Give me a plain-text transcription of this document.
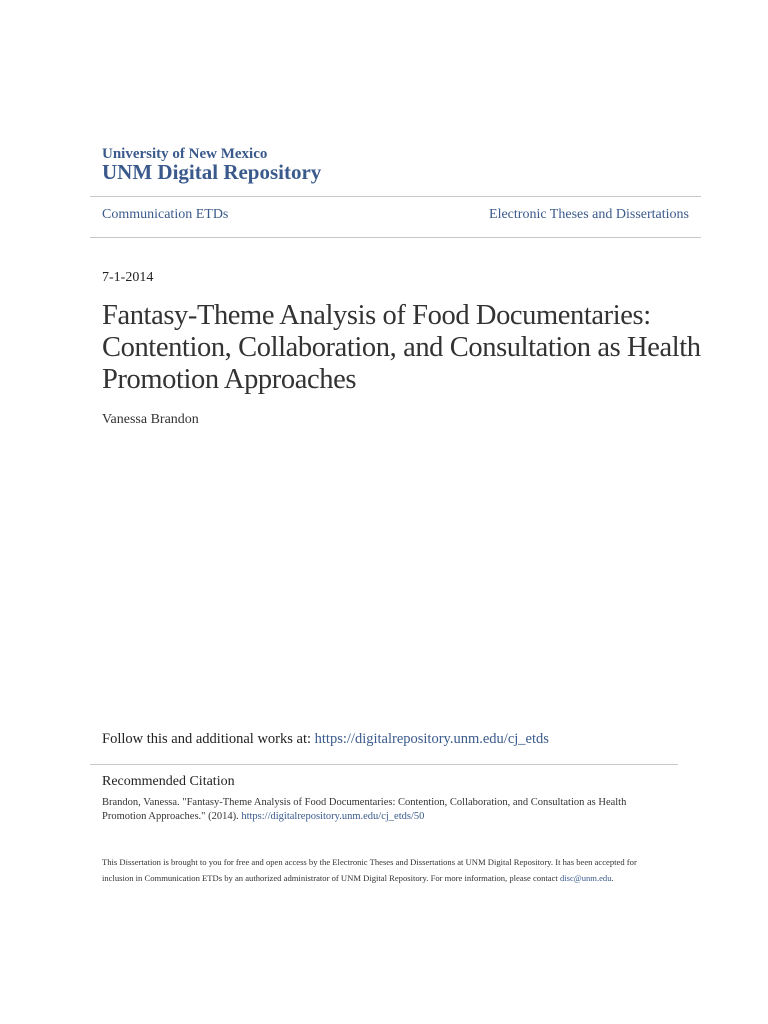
University of New Mexico
UNM Digital Repository
Communication ETDs	Electronic Theses and Dissertations
7-1-2014
Fantasy-Theme Analysis of Food Documentaries: Contention, Collaboration, and Consultation as Health Promotion Approaches
Vanessa Brandon
Follow this and additional works at: https://digitalrepository.unm.edu/cj_etds
Recommended Citation
Brandon, Vanessa. "Fantasy-Theme Analysis of Food Documentaries: Contention, Collaboration, and Consultation as Health Promotion Approaches." (2014). https://digitalrepository.unm.edu/cj_etds/50
This Dissertation is brought to you for free and open access by the Electronic Theses and Dissertations at UNM Digital Repository. It has been accepted for inclusion in Communication ETDs by an authorized administrator of UNM Digital Repository. For more information, please contact disc@unm.edu.
